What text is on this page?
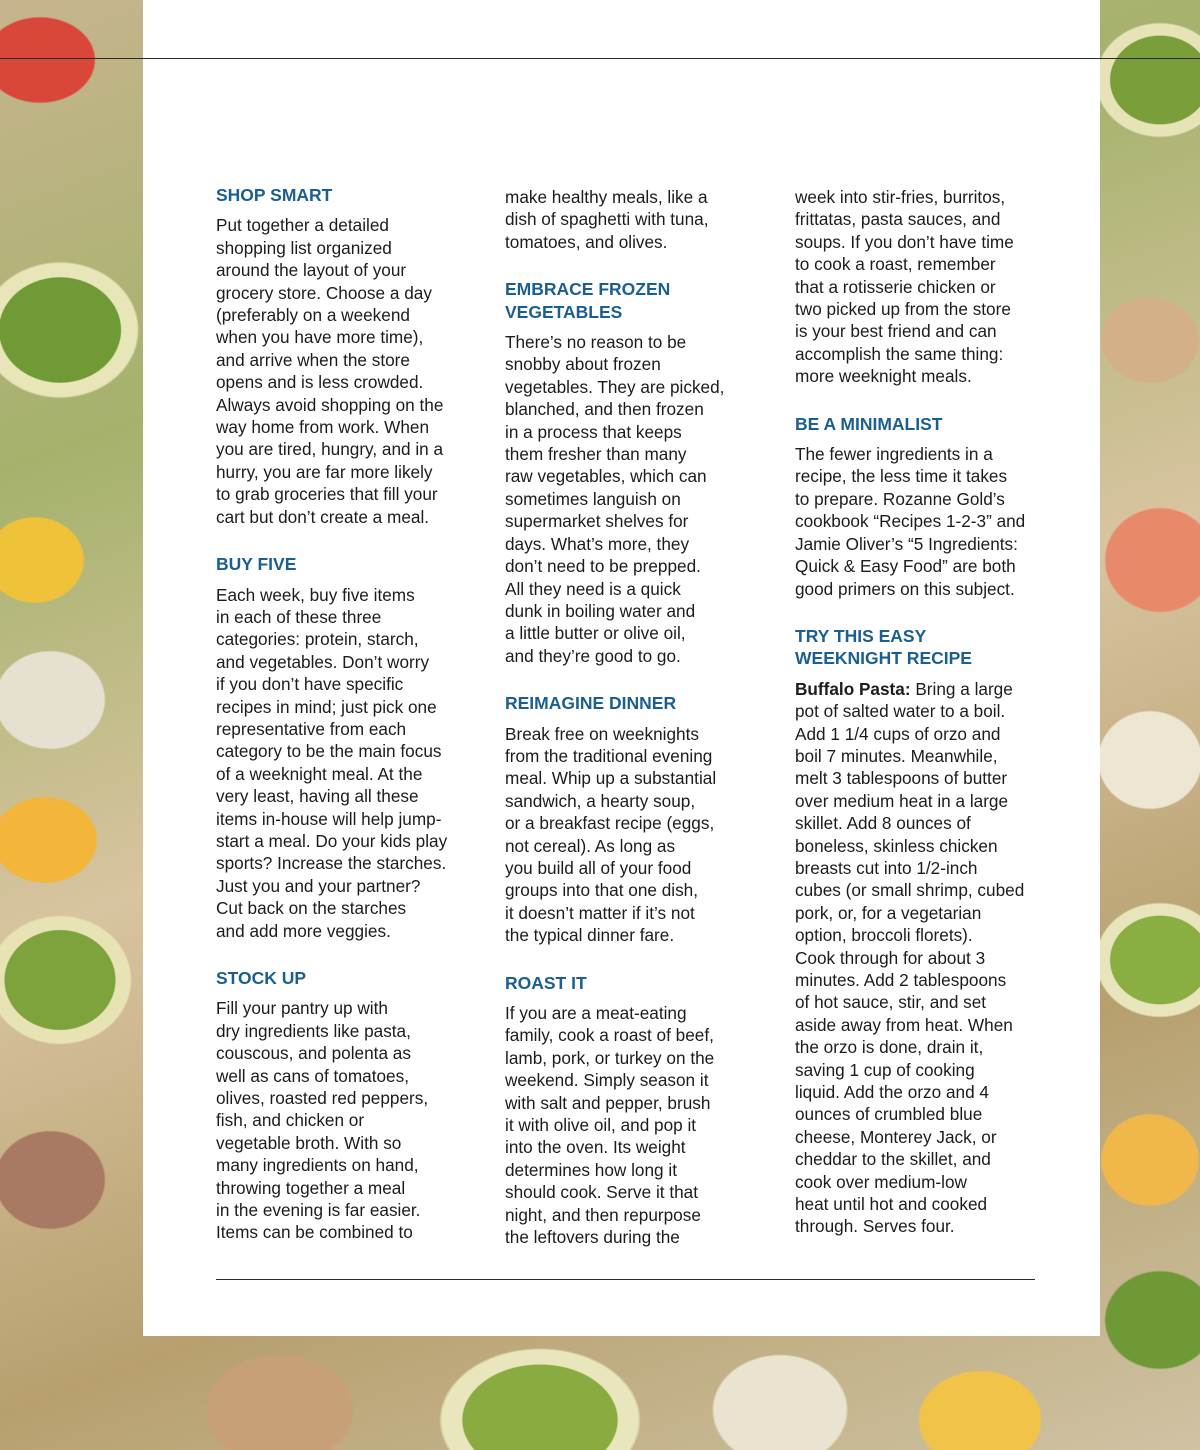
SHOP SMART

Put together a detailed
shopping list organized
around the layout of your
grocery store. Choose a day
(preferably on a weekend
when you have more time),
and arrive when the store
opens and is less crowded.
Always avoid shopping on the
way home from work. When
you are tired, hungry, and in a
hurry, you are far more likely
to grab groceries that fill your
cart but don’t create a meal.

BUY FIVE

Each week, buy five items
in each of these three
categories: protein, starch,
and vegetables. Don’t worry
if you don’t have specific
recipes in mind; just pick one
representative from each
category to be the main focus
of a weeknight meal. At the
very least, having all these
items in-house will help jump-
start a meal. Do your kids play
sports? Increase the starches.
Just you and your partner?
Cut back on the starches
and add more veggies.

STOCK UP

Fill your pantry up with
dry ingredients like pasta,
couscous, and polenta as
well as cans of tomatoes,
olives, roasted red peppers,
fish, and chicken or
vegetable broth. With so
many ingredients on hand,
throwing together a meal
in the evening is far easier.
Items can be combined to

make healthy meals, like a
dish of spaghetti with tuna,
tomatoes, and olives.

EMBRACE FROZEN
VEGETABLES

There’s no reason to be
snobby about frozen
vegetables. They are picked,
blanched, and then frozen
in a process that keeps
them fresher than many
raw vegetables, which can
sometimes languish on
supermarket shelves for
days. What’s more, they
don’t need to be prepped.
All they need is a quick
dunk in boiling water and
a little butter or olive oil,
and they’re good to go.

REIMAGINE DINNER

Break free on weeknights
from the traditional evening
meal. Whip up a substantial
sandwich, a hearty soup,
or a breakfast recipe (eggs,
not cereal). As long as
you build all of your food
groups into that one dish,
it doesn’t matter if it’s not
the typical dinner fare.

ROAST IT

If you are a meat-eating
family, cook a roast of beef,
lamb, pork, or turkey on the
weekend. Simply season it
with salt and pepper, brush
it with olive oil, and pop it
into the oven. Its weight
determines how long it
should cook. Serve it that
night, and then repurpose
the leftovers during the

week into stir-fries, burritos,
frittatas, pasta sauces, and
soups. If you don’t have time
to cook a roast, remember
that a rotisserie chicken or
two picked up from the store
is your best friend and can
accomplish the same thing:
more weeknight meals.

BE A MINIMALIST

The fewer ingredients in a
recipe, the less time it takes
to prepare. Rozanne Gold’s
cookbook “Recipes 1-2-3” and
Jamie Oliver’s “5 Ingredients:
Quick & Easy Food” are both
good primers on this subject.

TRY THIS EASY
WEEKNIGHT RECIPE

Buffalo Pasta: Bring a large
pot of salted water to a boil.
Add 1 1/4 cups of orzo and
boil 7 minutes. Meanwhile,
melt 3 tablespoons of butter
over medium heat in a large
skillet. Add 8 ounces of
boneless, skinless chicken
breasts cut into 1/2-inch
cubes (or small shrimp, cubed
pork, or, for a vegetarian
option, broccoli florets).
Cook through for about 3
minutes. Add 2 tablespoons
of hot sauce, stir, and set
aside away from heat. When
the orzo is done, drain it,
saving 1 cup of cooking
liquid. Add the orzo and 4
ounces of crumbled blue
cheese, Monterey Jack, or
cheddar to the skillet, and
cook over medium-low
heat until hot and cooked
through. Serves four.
